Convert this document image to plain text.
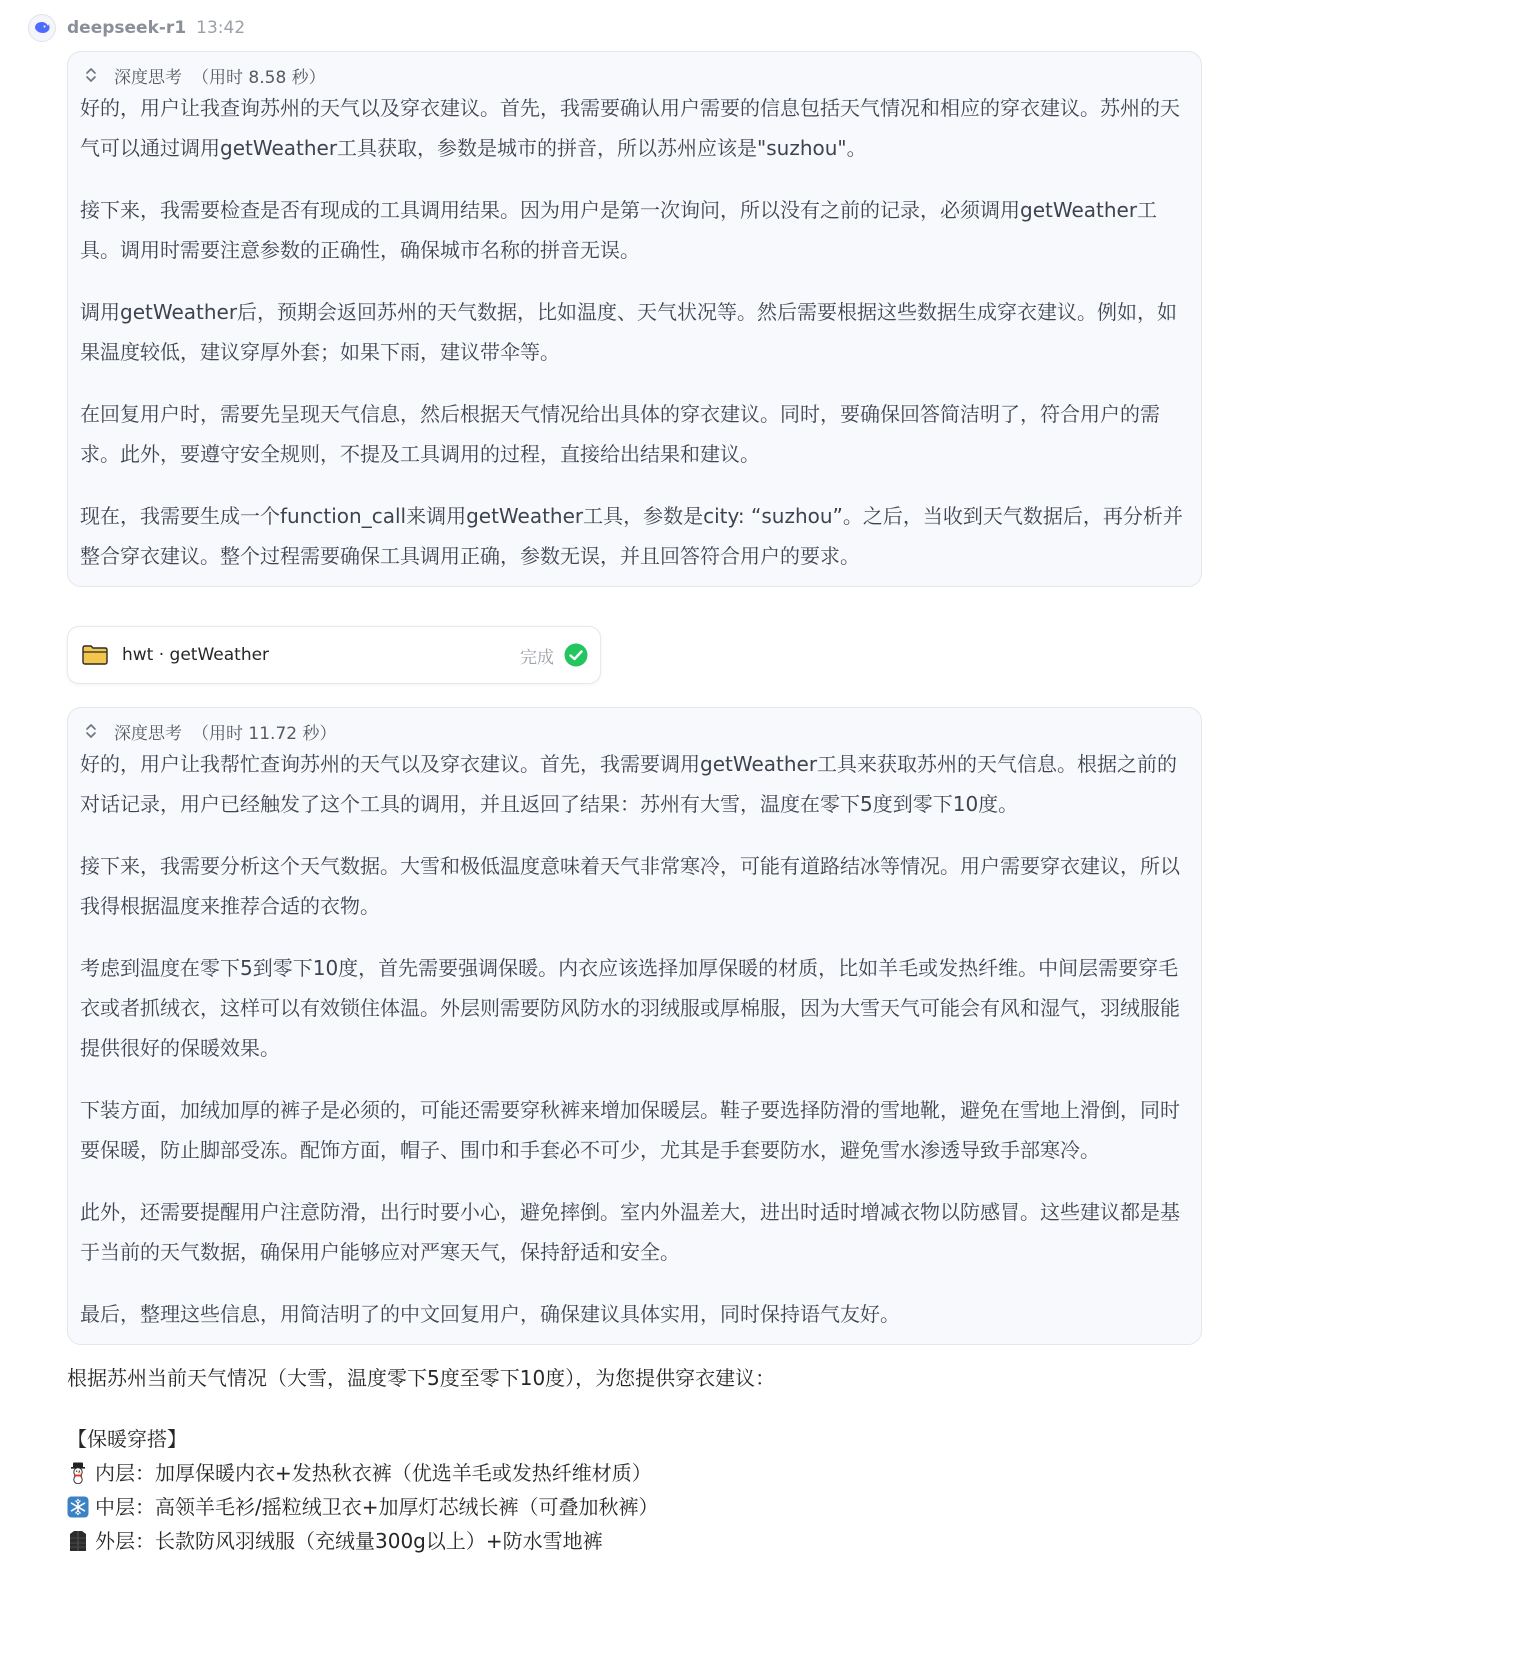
deepseek-r1 13:42
深度思考 （用时 8.58 秒）

好的，用户让我查询苏州的天气以及穿衣建议。首先，我需要确认用户需要的信息包括天气情况和相应的穿衣建议。苏州的天气可以通过调用getWeather工具获取，参数是城市的拼音，所以苏州应该是"suzhou"。

接下来，我需要检查是否有现成的工具调用结果。因为用户是第一次询问，所以没有之前的记录，必须调用getWeather工具。调用时需要注意参数的正确性，确保城市名称的拼音无误。

调用getWeather后，预期会返回苏州的天气数据，比如温度、天气状况等。然后需要根据这些数据生成穿衣建议。例如，如果温度较低，建议穿厚外套；如果下雨，建议带伞等。

在回复用户时，需要先呈现天气信息，然后根据天气情况给出具体的穿衣建议。同时，要确保回答简洁明了，符合用户的需求。此外，要遵守安全规则，不提及工具调用的过程，直接给出结果和建议。

现在，我需要生成一个function_call来调用getWeather工具，参数是city: “suzhou”。之后，当收到天气数据后，再分析并整合穿衣建议。整个过程需要确保工具调用正确，参数无误，并且回答符合用户的要求。

hwt · getWeather	完成
深度思考 （用时 11.72 秒）

好的，用户让我帮忙查询苏州的天气以及穿衣建议。首先，我需要调用getWeather工具来获取苏州的天气信息。根据之前的对话记录，用户已经触发了这个工具的调用，并且返回了结果：苏州有大雪，温度在零下5度到零下10度。

接下来，我需要分析这个天气数据。大雪和极低温度意味着天气非常寒冷，可能有道路结冰等情况。用户需要穿衣建议，所以我得根据温度来推荐合适的衣物。

考虑到温度在零下5到零下10度，首先需要强调保暖。内衣应该选择加厚保暖的材质，比如羊毛或发热纤维。中间层需要穿毛衣或者抓绒衣，这样可以有效锁住体温。外层则需要防风防水的羽绒服或厚棉服，因为大雪天气可能会有风和湿气，羽绒服能提供很好的保暖效果。

下装方面，加绒加厚的裤子是必须的，可能还需要穿秋裤来增加保暖层。鞋子要选择防滑的雪地靴，避免在雪地上滑倒，同时要保暖，防止脚部受冻。配饰方面，帽子、围巾和手套必不可少，尤其是手套要防水，避免雪水渗透导致手部寒冷。

此外，还需要提醒用户注意防滑，出行时要小心，避免摔倒。室内外温差大，进出时适时增减衣物以防感冒。这些建议都是基于当前的天气数据，确保用户能够应对严寒天气，保持舒适和安全。

最后，整理这些信息，用简洁明了的中文回复用户，确保建议具体实用，同时保持语气友好。

根据苏州当前天气情况（大雪，温度零下5度至零下10度），为您提供穿衣建议：

【保暖穿搭】
内层：加厚保暖内衣+发热秋衣裤（优选羊毛或发热纤维材质）
中层：高领羊毛衫/摇粒绒卫衣+加厚灯芯绒长裤（可叠加秋裤）
外层：长款防风羽绒服（充绒量300g以上）+防水雪地裤
